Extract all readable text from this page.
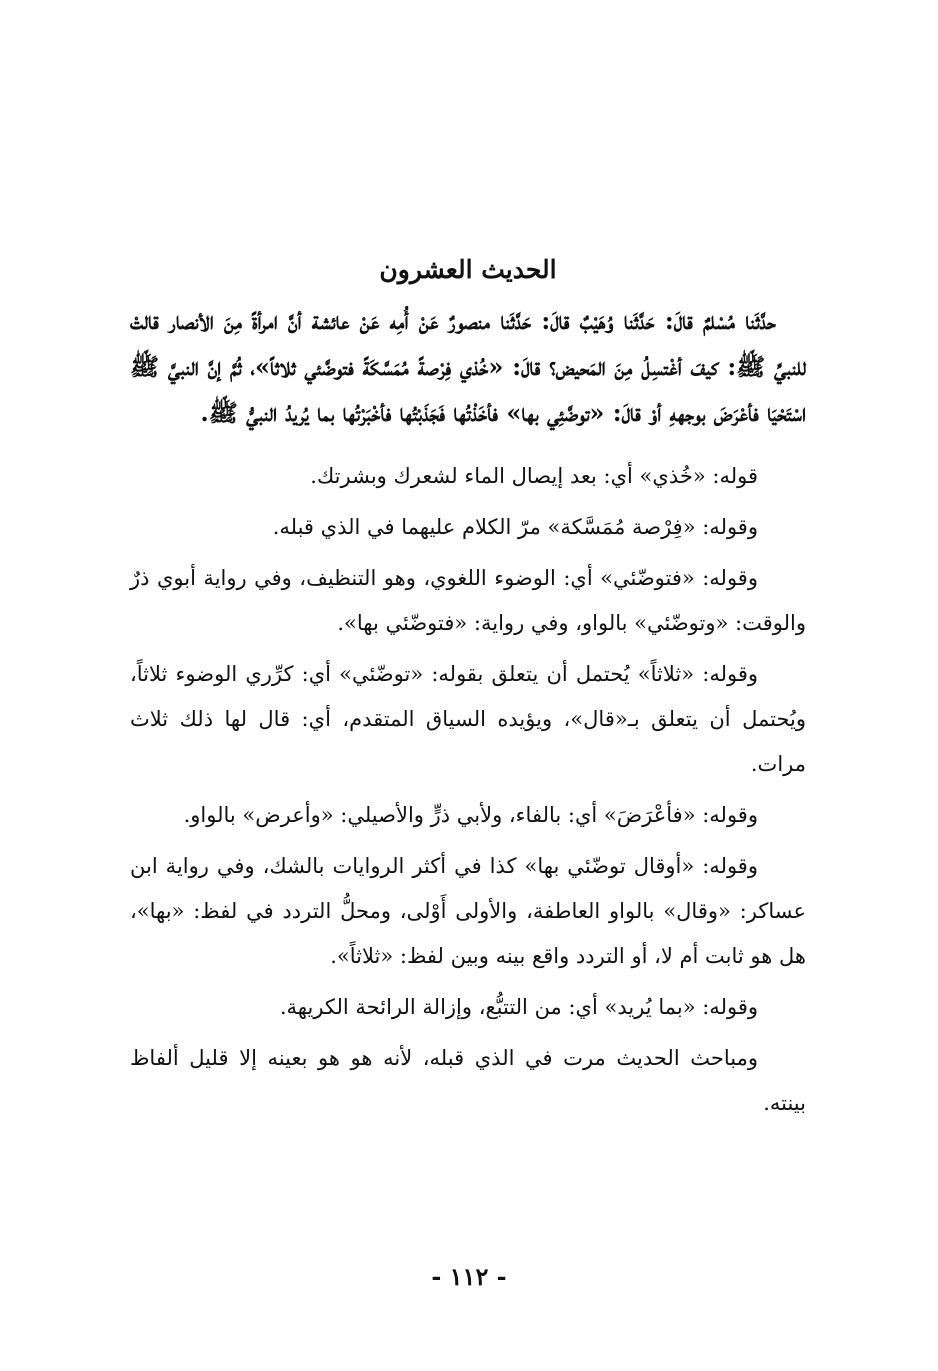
الحديث العشرون

حدَّثَنا مُسْلمٌ قالَ: حَدَّثَنا وُهَيْبٌ قالَ: حَدَّثَنا منصورٌ عَنْ أُمِه عَنْ عائشة أنَّ امرأةً مِنَ الأنصار قالتْ للنبيِّ ﷺ: كيفَ أغْتسِلُ مِنَ المَحيض؟ قالَ: «خُذي فِرْصةً مُمَسَّكَةً فتوضَّئي ثلاثاً»، ثُمَّ إنَّ النبيَّ ﷺ اسْتَحْيَا فأعْرَضَ بوجههِ أوْ قالَ: «توضَّئِي بها» فأخَذْتُها فَجَذَبْتُها فأخْبَرْتُها بما يُريدُ النبيُّ ﷺ.

قوله: «خُذي» أي: بعد إيصال الماء لشعرك وبشرتك.

وقوله: «فِرْصة مُمَسَّكة» مرّ الكلام عليهما في الذي قبله.

وقوله: «فتوضّئي» أي: الوضوء اللغوي، وهو التنظيف، وفي رواية أبوي ذرٌ والوقت: «وتوضّئي» بالواو، وفي رواية: «فتوضّئي بها».

وقوله: «ثلاثاً» يُحتمل أن يتعلق بقوله: «توضّئي» أي: كرِّري الوضوء ثلاثاً، ويُحتمل أن يتعلق بـ«قال»، ويؤيده السياق المتقدم، أي: قال لها ذلك ثلاث مرات.

وقوله: «فأعْرَضَ» أي: بالفاء، ولأبي ذرٍّ والأصيلي: «وأعرض» بالواو.

وقوله: «أوقال توضّئي بها» كذا في أكثر الروايات بالشك، وفي رواية ابن عساكر: «وقال» بالواو العاطفة، والأولى أَوْلى، ومحلُّ التردد في لفظ: «بها»، هل هو ثابت أم لا، أو التردد واقع بينه وبين لفظ: «ثلاثاً».

وقوله: «بما يُريد» أي: من التتبُّع، وإزالة الرائحة الكريهة.

ومباحث الحديث مرت في الذي قبله، لأنه هو هو بعينه إلا قليل ألفاظ بينته.

- ١١٢ -
